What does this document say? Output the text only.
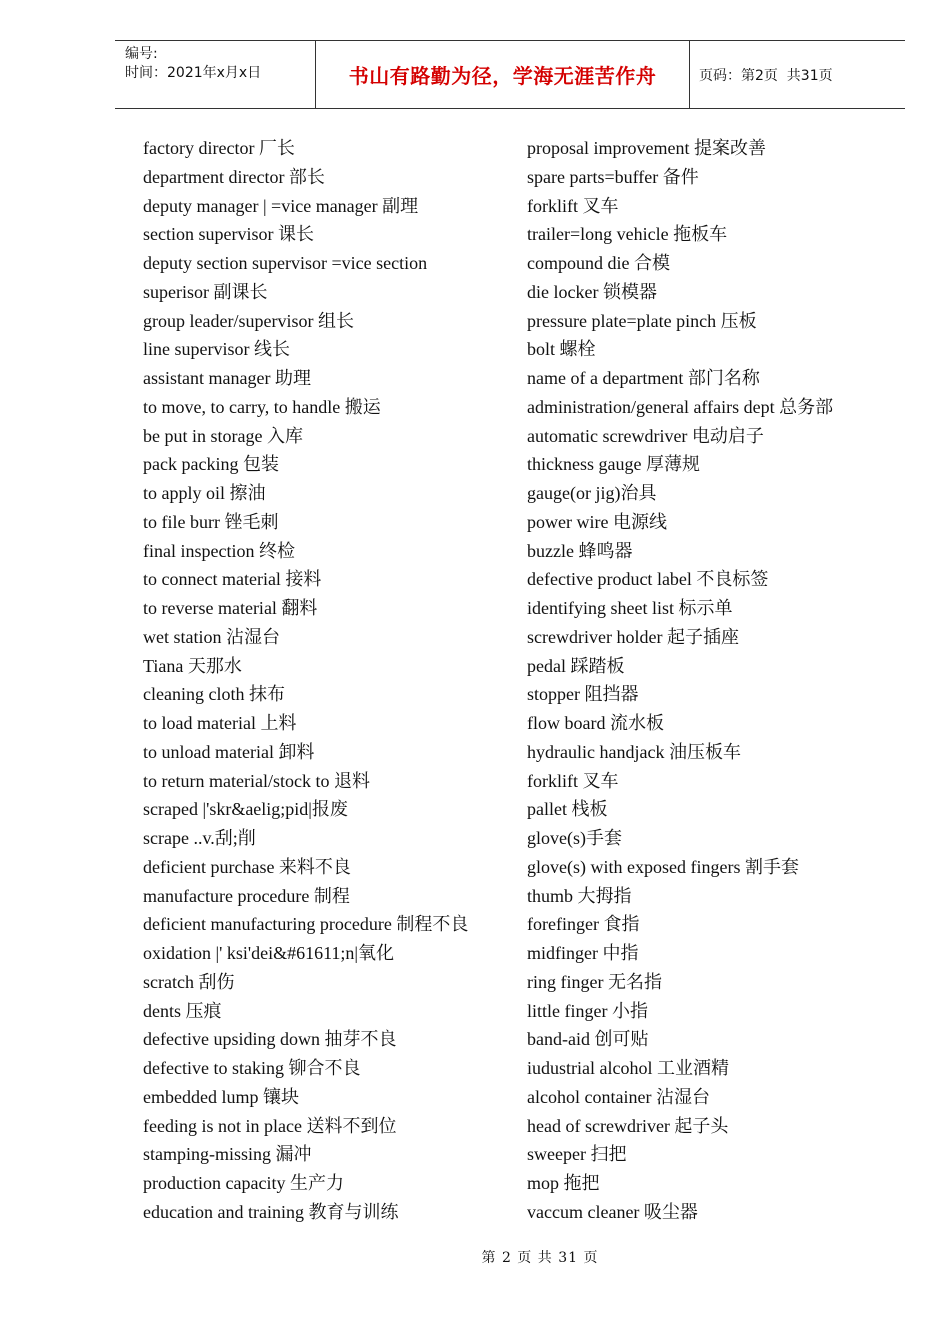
编号:
时间：2021年x月x日	书山有路勤为径，学海无涯苦作舟	页码：第2页  共31页
factory director 厂长
department director 部长
deputy manager | =vice manager 副理
section supervisor 课长
deputy section supervisor =vice section
superisor 副课长
group leader/supervisor 组长
line supervisor 线长
assistant manager 助理
to move, to carry, to handle 搬运
be put in storage 入库
pack packing 包装
to apply oil 擦油
to file burr 锉毛刺
final inspection 终检
to connect material 接料
to reverse material 翻料
wet station 沾湿台
Tiana 天那水
cleaning cloth 抹布
to load material 上料
to unload material 卸料
to return material/stock to 退料
scraped |'skr&aelig;pid|报废
scrape ..v.刮;削
deficient purchase 来料不良
manufacture procedure 制程
deficient manufacturing procedure 制程不良
oxidation |' ksi'dei&#61611;n|氧化
scratch 刮伤
dents 压痕
defective upsiding down 抽芽不良
defective to staking 铆合不良
embedded lump 镶块
feeding is not in place 送料不到位
stamping-missing 漏冲
production capacity 生产力
education and training 教育与训练
proposal improvement 提案改善
spare parts=buffer 备件
forklift 叉车
trailer=long vehicle 拖板车
compound die 合模
die locker 锁模器
pressure plate=plate pinch 压板
bolt 螺栓
name of a department 部门名称
administration/general affairs dept 总务部
automatic screwdriver 电动启子
thickness gauge 厚薄规
gauge(or jig)治具
power wire 电源线
buzzle 蜂鸣器
defective product label 不良标签
identifying sheet list 标示单
screwdriver holder 起子插座
pedal 踩踏板
stopper 阻挡器
flow board 流水板
hydraulic handjack 油压板车
forklift 叉车
pallet 栈板
glove(s)手套
glove(s) with exposed fingers 割手套
thumb 大拇指
forefinger 食指
midfinger 中指
ring finger 无名指
little finger 小指
band-aid 创可贴
iudustrial alcohol 工业酒精
alcohol container 沾湿台
head of screwdriver 起子头
sweeper 扫把
mop 拖把
vaccum cleaner 吸尘器
第 2 页 共 31 页
